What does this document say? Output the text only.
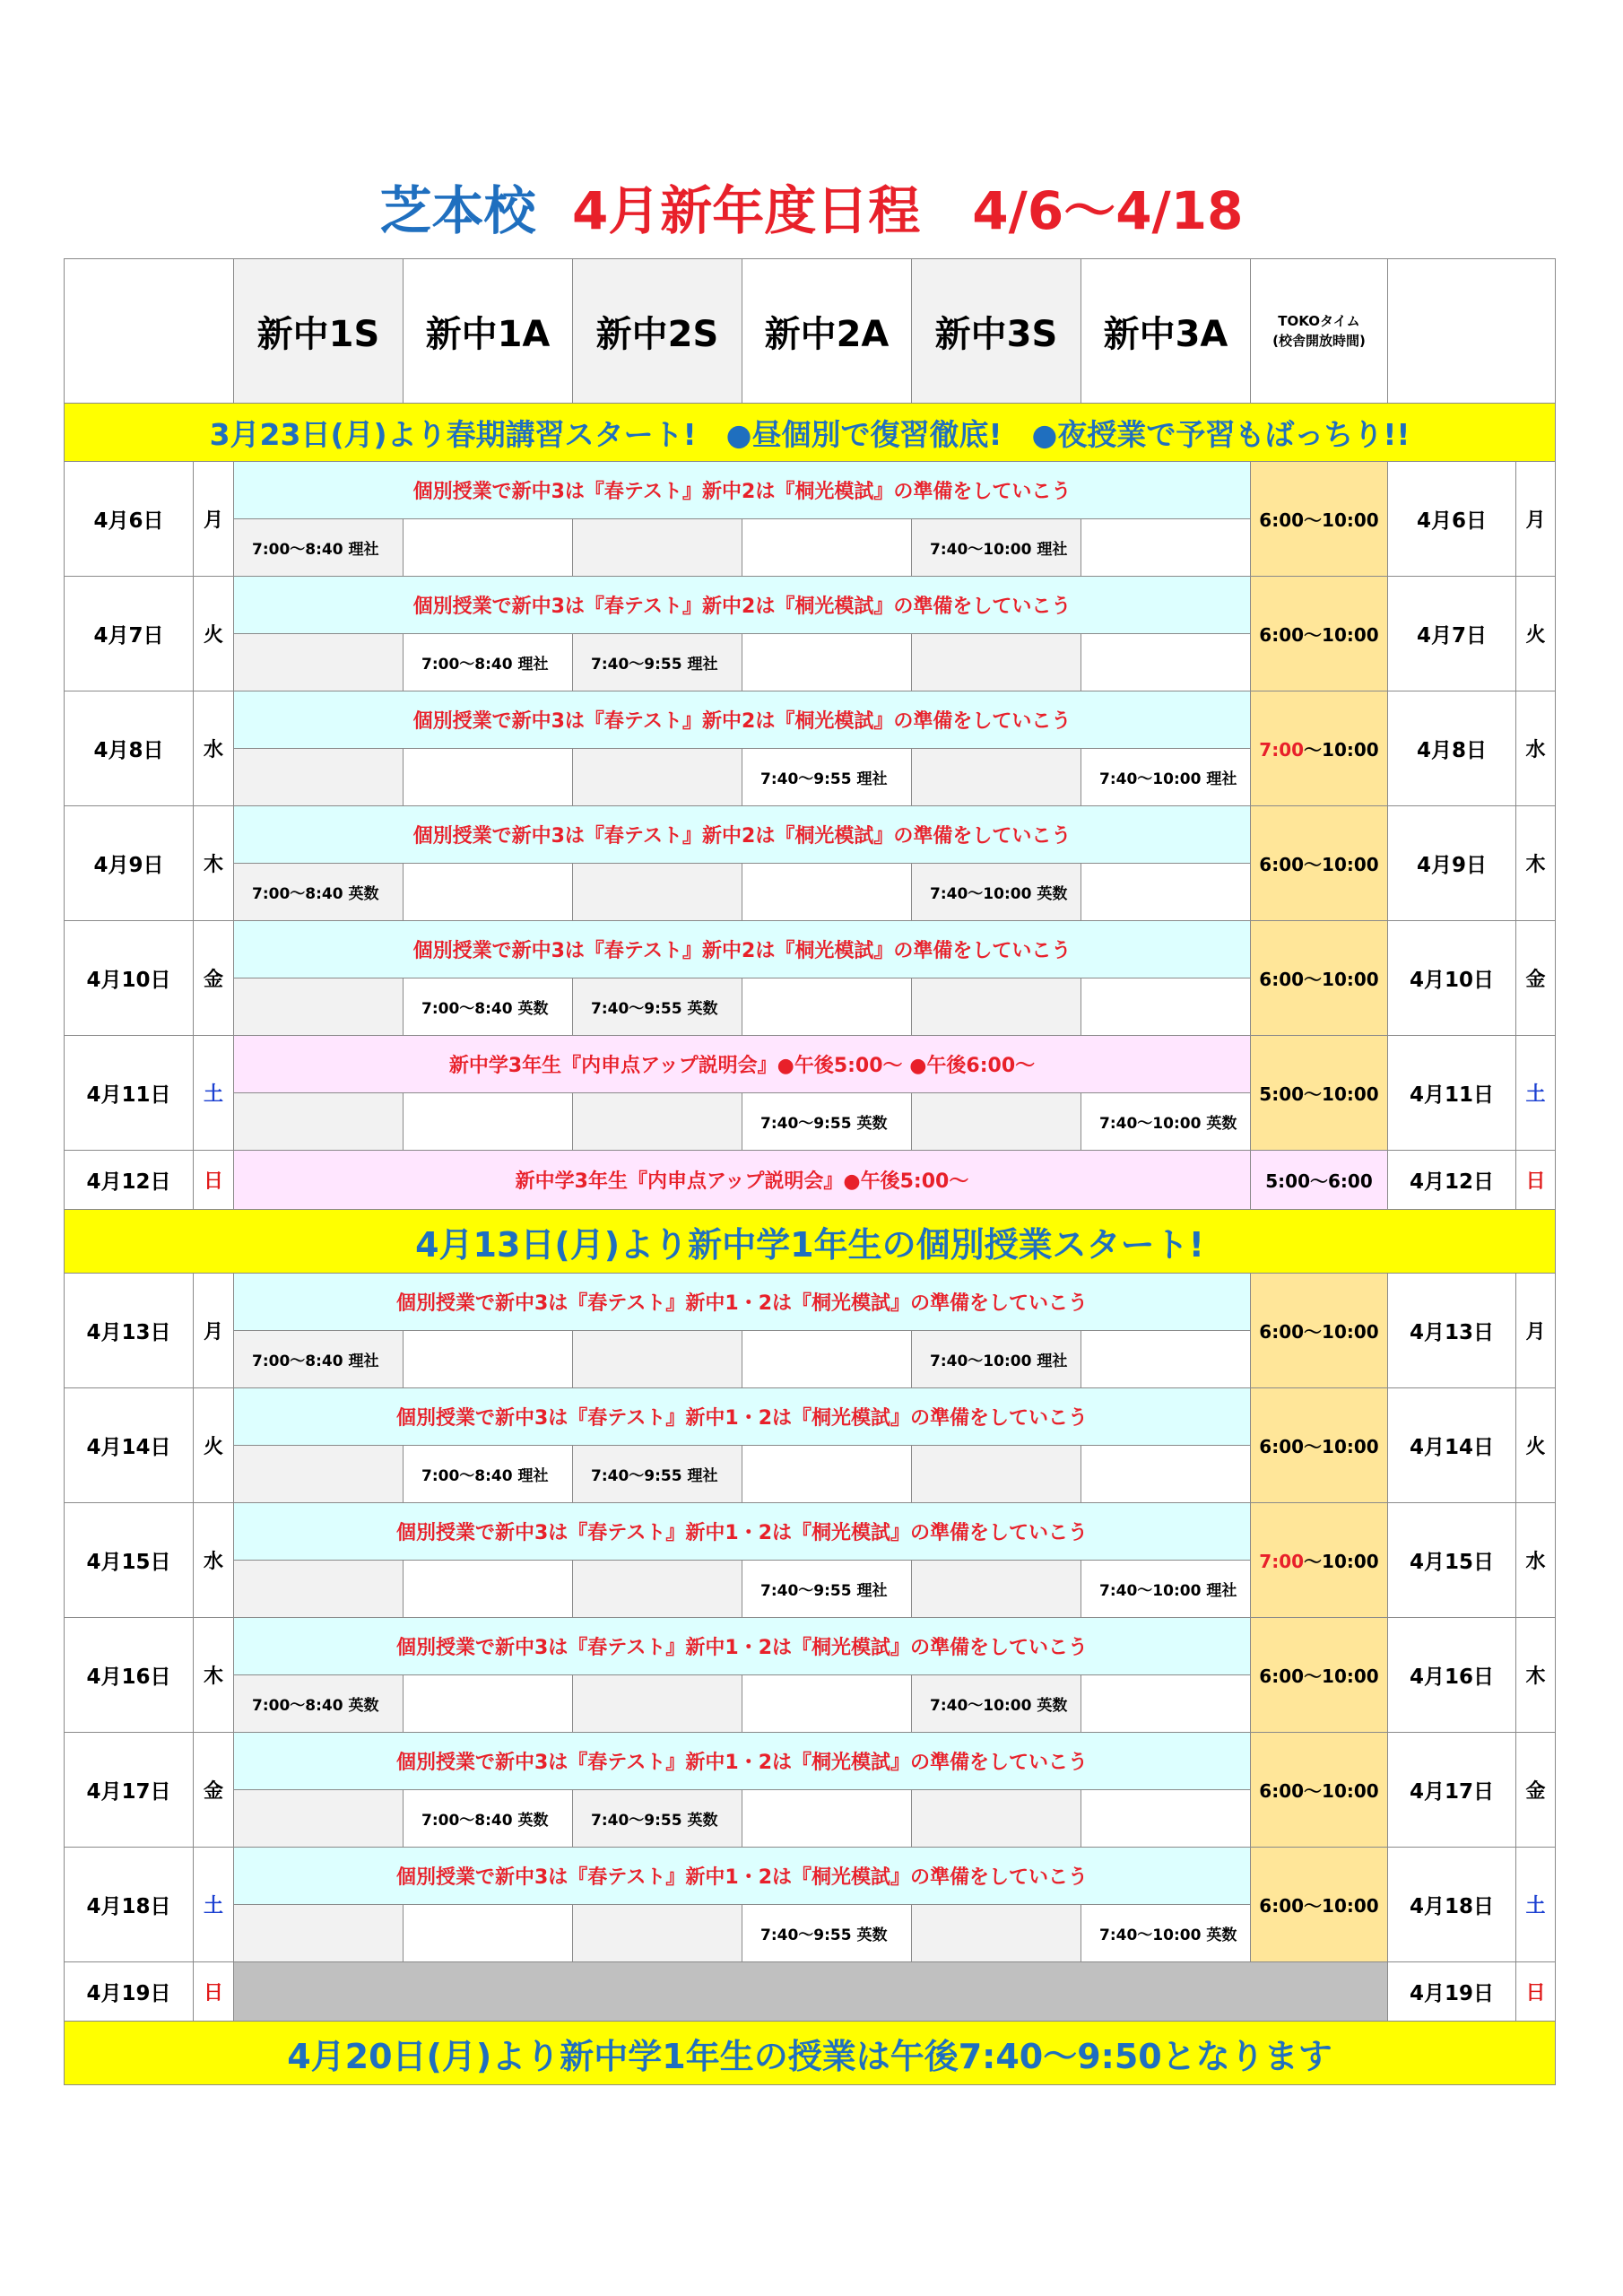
芝本校 4月新年度日程　4/6〜4/18
		新中1S	新中1A	新中2S	新中2A	新中3S	新中3A	TOKOタイム
(校舎開放時間)		
3月23日(月)より春期講習スタート!　●昼個別で復習徹底!　●夜授業で予習もばっちり!!										
4月6日	月	個別授業で新中3は『春テスト』新中2は『桐光模試』の準備をしていこう						6:00〜10:00	4月6日	月
		7:00〜8:40 理社				7:40〜10:00 理社				
4月7日	火	個別授業で新中3は『春テスト』新中2は『桐光模試』の準備をしていこう						6:00〜10:00	4月7日	火
			7:00〜8:40 理社	7:40〜9:55 理社						
4月8日	水	個別授業で新中3は『春テスト』新中2は『桐光模試』の準備をしていこう						7:00〜10:00	4月8日	水
					7:40〜9:55 理社		7:40〜10:00 理社			
4月9日	木	個別授業で新中3は『春テスト』新中2は『桐光模試』の準備をしていこう						6:00〜10:00	4月9日	木
		7:00〜8:40 英数				7:40〜10:00 英数				
4月10日	金	個別授業で新中3は『春テスト』新中2は『桐光模試』の準備をしていこう						6:00〜10:00	4月10日	金
			7:00〜8:40 英数	7:40〜9:55 英数						
4月11日	土	新中学3年生『内申点アップ説明会』●午後5:00〜 ●午後6:00〜						5:00〜10:00	4月11日	土
					7:40〜9:55 英数		7:40〜10:00 英数			
4月12日	日	新中学3年生『内申点アップ説明会』●午後5:00〜						5:00〜6:00	4月12日	日
4月13日(月)より新中学1年生の個別授業スタート!										
4月13日	月	個別授業で新中3は『春テスト』新中1・2は『桐光模試』の準備をしていこう						6:00〜10:00	4月13日	月
		7:00〜8:40 理社				7:40〜10:00 理社				
4月14日	火	個別授業で新中3は『春テスト』新中1・2は『桐光模試』の準備をしていこう						6:00〜10:00	4月14日	火
			7:00〜8:40 理社	7:40〜9:55 理社						
4月15日	水	個別授業で新中3は『春テスト』新中1・2は『桐光模試』の準備をしていこう						7:00〜10:00	4月15日	水
					7:40〜9:55 理社		7:40〜10:00 理社			
4月16日	木	個別授業で新中3は『春テスト』新中1・2は『桐光模試』の準備をしていこう						6:00〜10:00	4月16日	木
		7:00〜8:40 英数				7:40〜10:00 英数				
4月17日	金	個別授業で新中3は『春テスト』新中1・2は『桐光模試』の準備をしていこう						6:00〜10:00	4月17日	金
			7:00〜8:40 英数	7:40〜9:55 英数						
4月18日	土	個別授業で新中3は『春テスト』新中1・2は『桐光模試』の準備をしていこう						6:00〜10:00	4月18日	土
					7:40〜9:55 英数		7:40〜10:00 英数			
4月19日	日								4月19日	日
4月20日(月)より新中学1年生の授業は午後7:40〜9:50となります										
